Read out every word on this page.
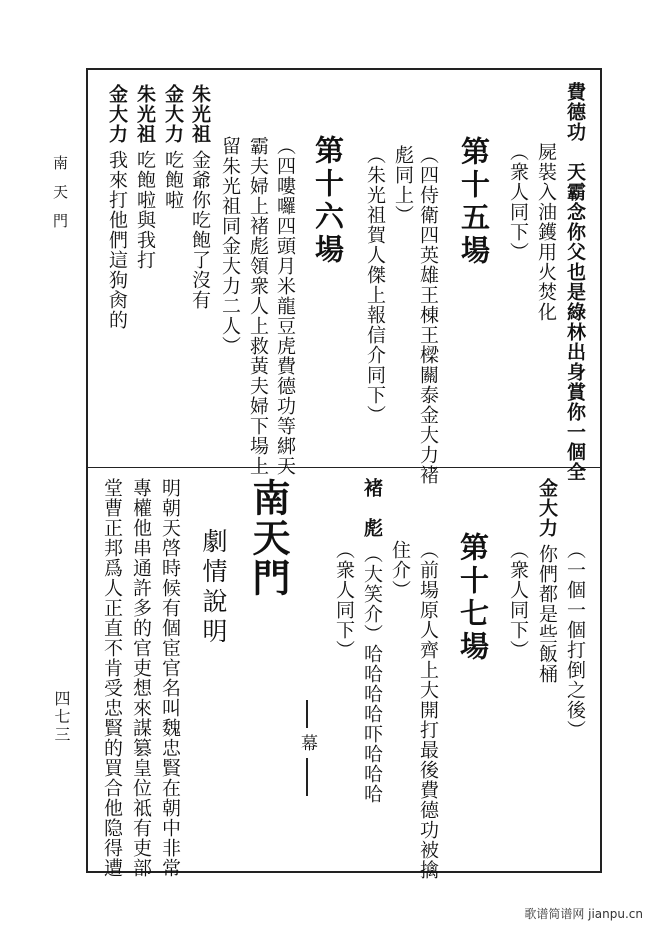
南天門
四七三
費德功　天霸念你父也是綠林出身賞你一個全
屍裝入油鑊用火焚化
（衆人同下）
第十五場
（四侍衛四英雄王棟王樑關泰金大力褚
彪同上）
（朱光祖賀人傑上報信介同下）
第十六場
（四嘍囉四頭月米龍豆虎費德功等綁天
霸夫婦上褚彪領衆人上救黃夫婦下場上
留朱光祖同金大力二人）
朱光祖金爺你吃飽了沒有
金大力吃飽啦
朱光祖吃飽啦與我打
金大力我來打他們這狗肏的
（一個一個打倒之後）
金大力你們都是些飯桶
（衆人同下）
第十七場
（前場原人齊上大開打最後費德功被擒
住介）
褚　彪（大笑介）哈哈哈哈吓哈哈哈
（衆人同下）
幕
南天門
劇情說明
明朝天啓時候有個宦官名叫魏忠賢在朝中非常
專權他串通許多的官吏想來謀篡皇位祗有吏部
堂曹正邦爲人正直不肯受忠賢的買合他隐得遭
歌谱简谱网 jianpu.cn
